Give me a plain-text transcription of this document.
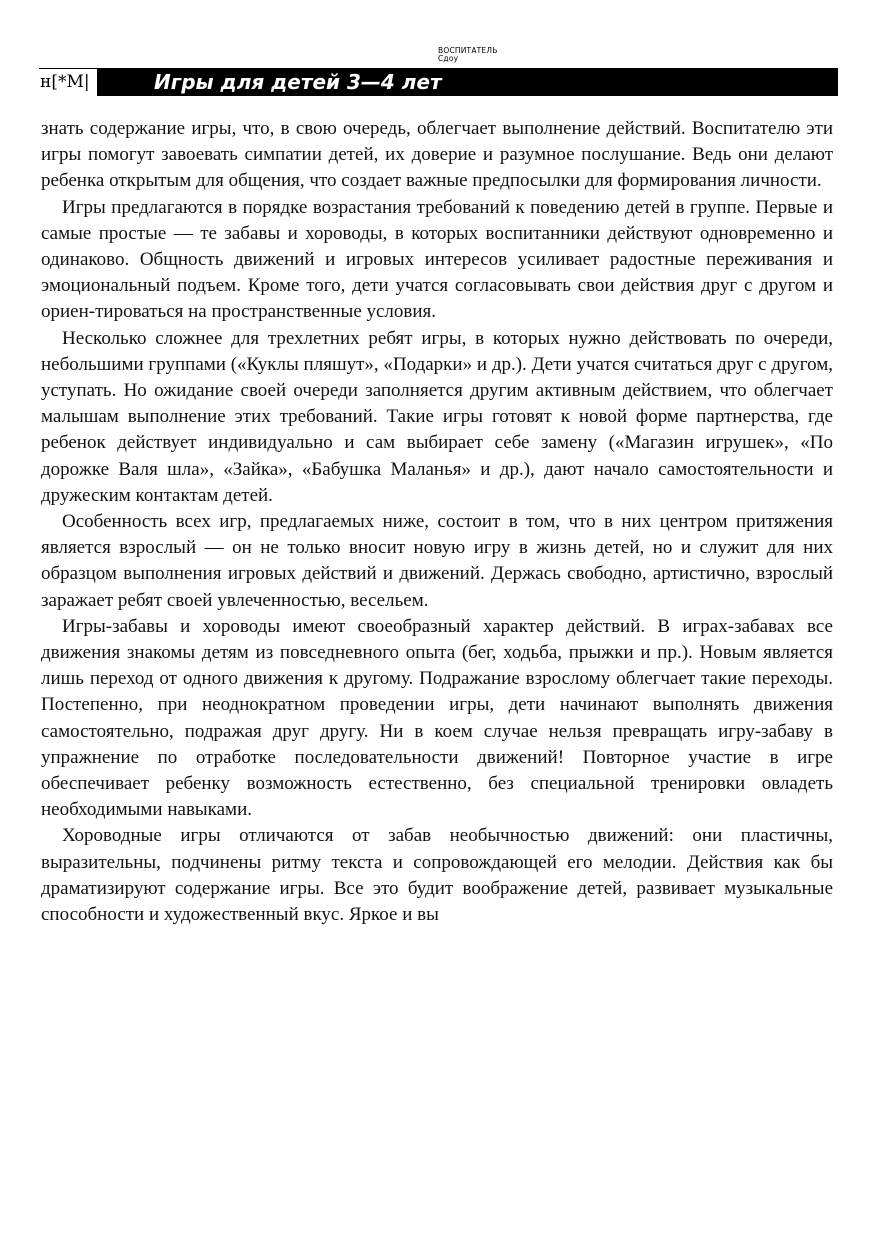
ВОСПИТАТЕЛЬ
Сдоу
н[*М|	Игры для детей 3—4 лет

знать содержание игры, что, в свою очередь, облегчает выполнение действий. Воспитателю эти игры помогут завоевать симпатии детей, их доверие и разумное послушание. Ведь они делают ребенка открытым для общения, что создает важные предпосылки для формирования личности.

Игры предлагаются в порядке возрастания требований к поведению детей в группе. Первые и самые простые — те забавы и хороводы, в которых воспитанники действуют одновременно и одинаково. Общность движений и игровых интересов усиливает радостные переживания и эмоциональный подъем. Кроме того, дети учатся согласовывать свои действия друг с другом и ориен-тироваться на пространственные условия.

Несколько сложнее для трехлетних ребят игры, в которых нужно действовать по очереди, небольшими группами («Куклы пляшут», «Подарки» и др.). Дети учатся считаться друг с другом, уступать. Но ожидание своей очереди заполняется другим активным действием, что облегчает малышам выполнение этих требований. Такие игры готовят к новой форме партнерства, где ребенок действует индивидуально и сам выбирает себе замену («Магазин игрушек», «По дорожке Валя шла», «Зайка», «Бабушка Маланья» и др.), дают начало самостоятельности и дружеским контактам детей.

Особенность всех игр, предлагаемых ниже, состоит в том, что в них центром притяжения является взрослый — он не только вносит новую игру в жизнь детей, но и служит для них образцом выполнения игровых действий и движений. Держась свободно, артистично, взрослый заражает ребят своей увлеченностью, весельем.

Игры-забавы и хороводы имеют своеобразный характер действий. В играх-забавах все движения знакомы детям из повседневного опыта (бег, ходьба, прыжки и пр.). Новым является лишь переход от одного движения к другому. Подражание взрослому облегчает такие переходы. Постепенно, при неоднократном проведении игры, дети начинают выполнять движения самостоятельно, подражая друг другу. Ни в коем случае нельзя превращать игру-забаву в упражнение по отработке последовательности движений! Повторное участие в игре обеспечивает ребенку возможность естественно, без специальной тренировки овладеть необходимыми навыками.

Хороводные игры отличаются от забав необычностью движений: они пластичны, выразительны, подчинены ритму текста и сопровождающей его мелодии. Действия как бы драматизируют содержание игры. Все это будит воображение детей, развивает музыкальные способности и художественный вкус. Яркое и вы
